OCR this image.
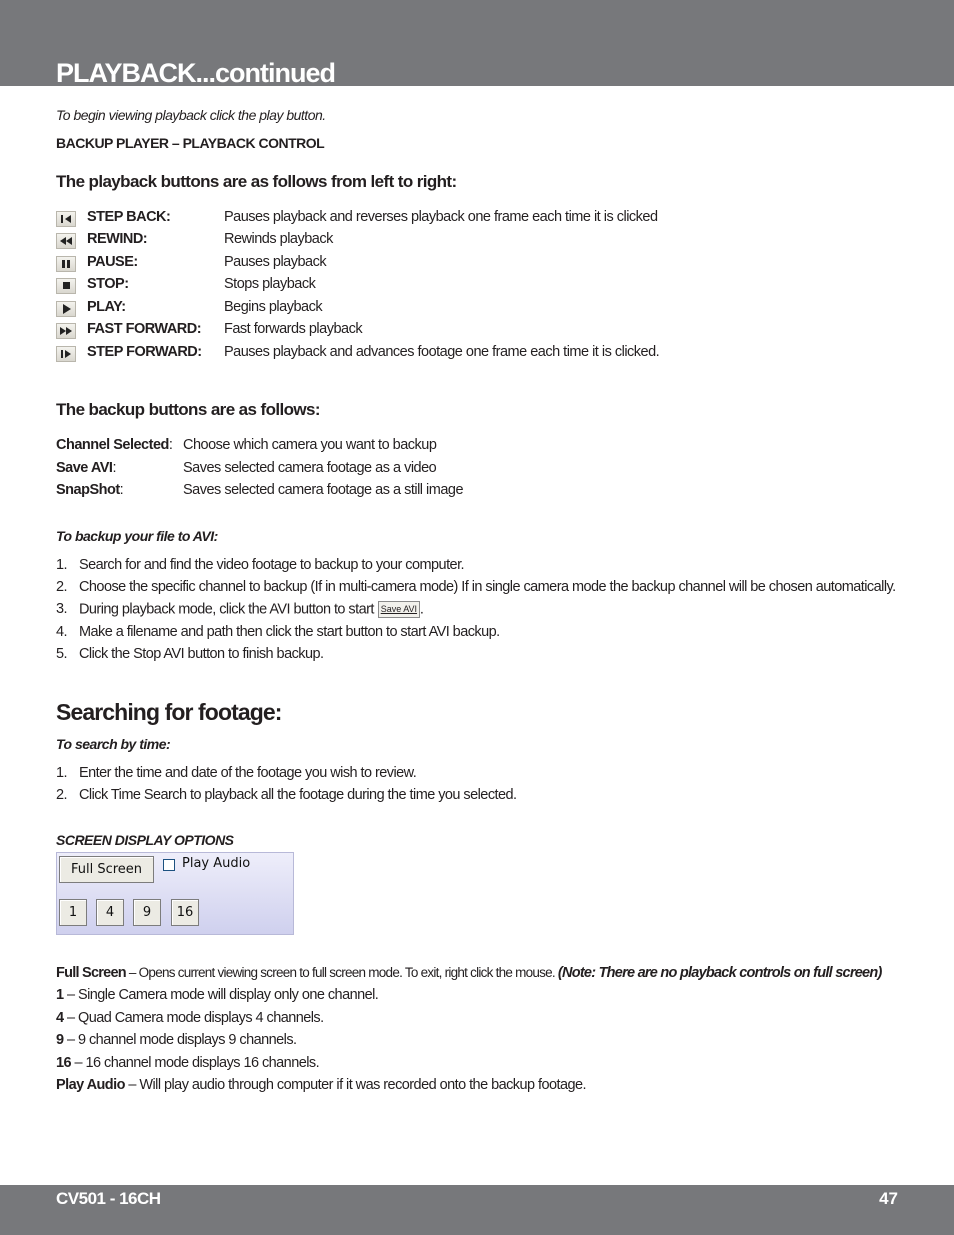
PLAYBACK...continued
To begin viewing playback click the play button.
BACKUP PLAYER – PLAYBACK CONTROL
The playback buttons are as follows from left to right:
STEP BACK:	Pauses playback and reverses playback one frame each time it is clicked
REWIND:	Rewinds playback
PAUSE:	Pauses playback
STOP:	Stops playback
PLAY:	Begins playback
FAST FORWARD: Fast forwards playback
STEP FORWARD: Pauses playback and advances footage one frame each time it is clicked.
The backup buttons are as follows:
Channel Selected: Choose which camera you want to backup
Save AVI:	Saves selected camera footage as a video
SnapShot:	Saves selected camera footage as a still image
To backup your file to AVI:
1. Search for and find the video footage to backup to your computer.
2. Choose the specific channel to backup (If in multi-camera mode) If in single camera mode the backup channel will be chosen automatically.
3. During playback mode, click the AVI button to start Save AVI .
4. Make a filename and path then click the start button to start AVI backup.
5. Click the Stop AVI button to finish backup.
Searching for footage:
To search by time:
1. Enter the time and date of the footage you wish to review.
2. Click Time Search to playback all the footage during the time you selected.
SCREEN DISPLAY OPTIONS
Full Screen	Play Audio
1	4	9	16
Full Screen – Opens current viewing screen to full screen mode. To exit, right click the mouse. (Note: There are no playback controls on full screen)
1 – Single Camera mode will display only one channel.
4 – Quad Camera mode displays 4 channels.
9 – 9 channel mode displays 9 channels.
16 – 16 channel mode displays 16 channels.
Play Audio – Will play audio through computer if it was recorded onto the backup footage.
CV501 - 16CH	47
